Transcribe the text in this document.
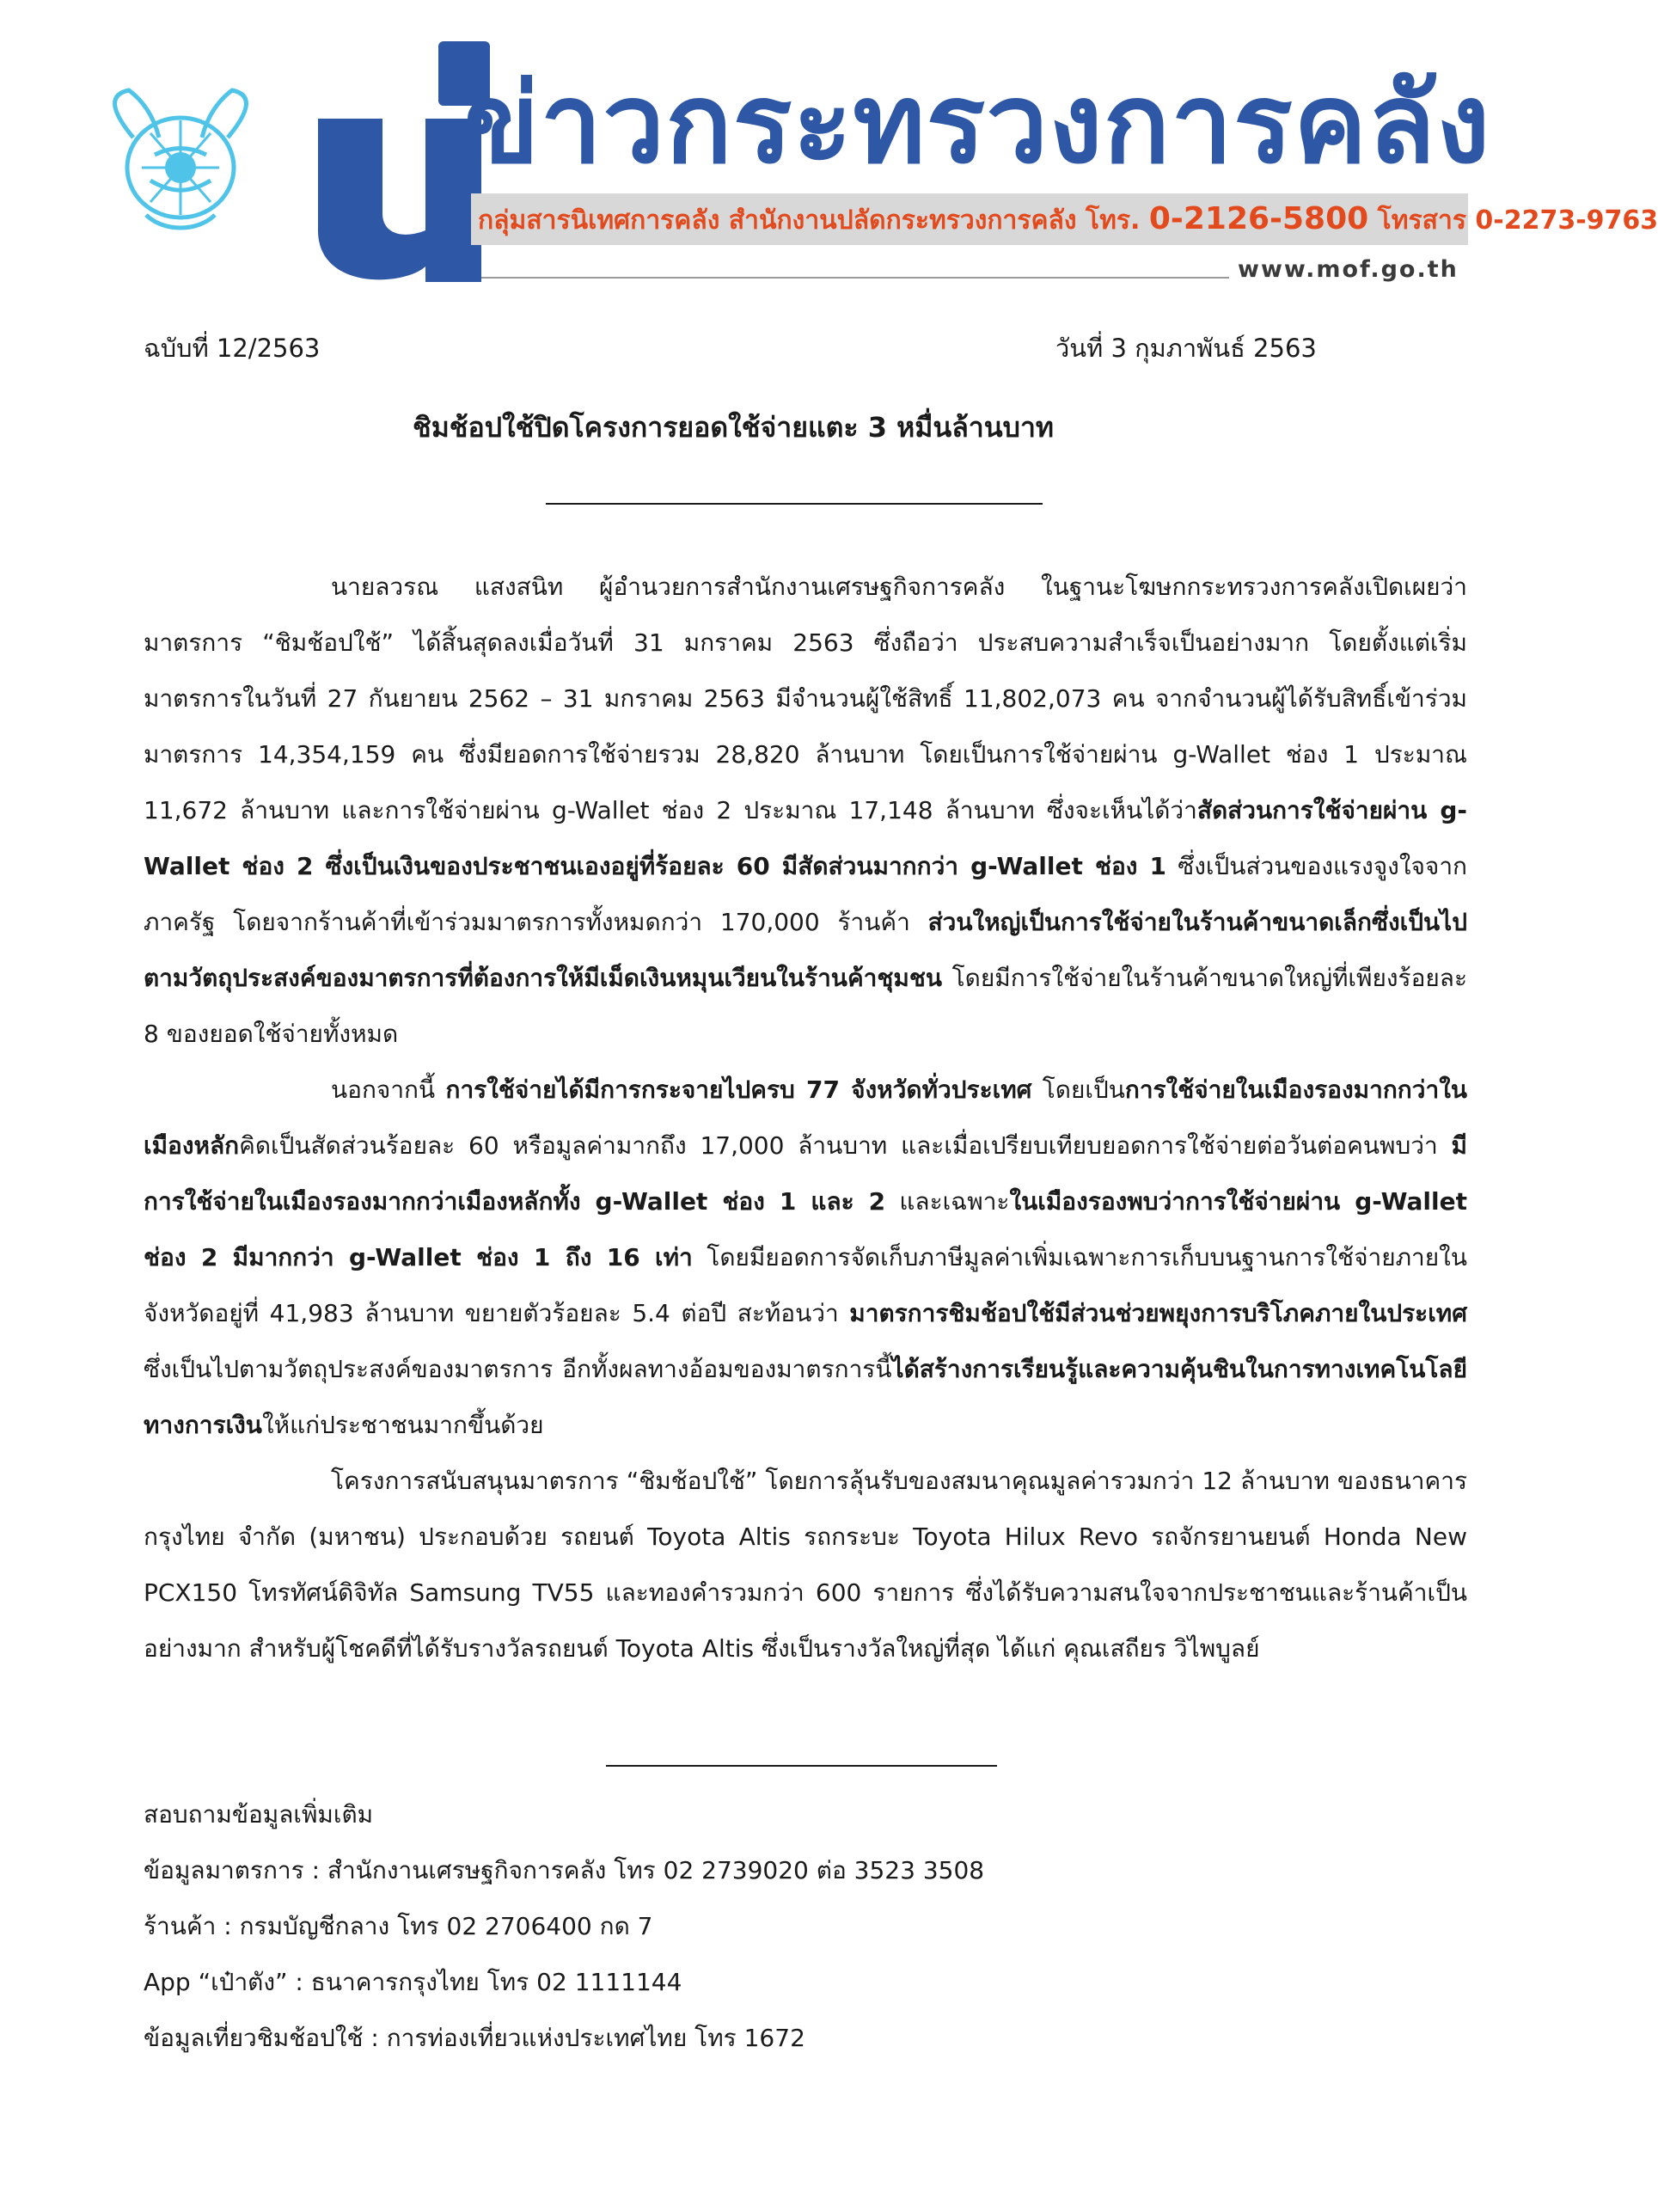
ข่าวกระทรวงการคลัง
กลุ่มสารนิเทศการคลัง สำนักงานปลัดกระทรวงการคลัง โทร. 0-2126-5800 โทรสาร 0-2273-9763
www.mof.go.th
ฉบับที่ 12/2563	วันที่ 3 กุมภาพันธ์ 2563
ชิมช้อปใช้ปิดโครงการยอดใช้จ่ายแตะ 3 หมื่นล้านบาท

นายลวรณ แสงสนิท ผู้อำนวยการสำนักงานเศรษฐกิจการคลัง ในฐานะโฆษกกระทรวงการคลังเปิดเผยว่า มาตรการ “ชิมช้อปใช้” ได้สิ้นสุดลงเมื่อวันที่ 31 มกราคม 2563 ซึ่งถือว่า ประสบความสำเร็จเป็นอย่างมาก โดยตั้งแต่เริ่มมาตรการในวันที่ 27 กันยายน 2562 – 31 มกราคม 2563 มีจำนวนผู้ใช้สิทธิ์ 11,802,073 คน จากจำนวนผู้ได้รับสิทธิ์เข้าร่วมมาตรการ 14,354,159 คน ซึ่งมียอดการใช้จ่ายรวม 28,820 ล้านบาท โดยเป็นการใช้จ่ายผ่าน g-Wallet ช่อง 1 ประมาณ 11,672 ล้านบาท และการใช้จ่ายผ่าน g-Wallet ช่อง 2 ประมาณ 17,148 ล้านบาท ซึ่งจะเห็นได้ว่าสัดส่วนการใช้จ่ายผ่าน g-Wallet ช่อง 2 ซึ่งเป็นเงินของประชาชนเองอยู่ที่ร้อยละ 60 มีสัดส่วนมากกว่า g-Wallet ช่อง 1 ซึ่งเป็นส่วนของแรงจูงใจจากภาครัฐ โดยจากร้านค้าที่เข้าร่วมมาตรการทั้งหมดกว่า 170,000 ร้านค้า ส่วนใหญ่เป็นการใช้จ่ายในร้านค้าขนาดเล็กซึ่งเป็นไปตามวัตถุประสงค์ของมาตรการที่ต้องการให้มีเม็ดเงินหมุนเวียนในร้านค้าชุมชน โดยมีการใช้จ่ายในร้านค้าขนาดใหญ่ที่เพียงร้อยละ 8 ของยอดใช้จ่ายทั้งหมด

นอกจากนี้ การใช้จ่ายได้มีการกระจายไปครบ 77 จังหวัดทั่วประเทศ โดยเป็นการใช้จ่ายในเมืองรองมากกว่าในเมืองหลักคิดเป็นสัดส่วนร้อยละ 60 หรือมูลค่ามากถึง 17,000 ล้านบาท และเมื่อเปรียบเทียบยอดการใช้จ่ายต่อวันต่อคนพบว่า มีการใช้จ่ายในเมืองรองมากกว่าเมืองหลักทั้ง g-Wallet ช่อง 1 และ 2 และเฉพาะในเมืองรองพบว่าการใช้จ่ายผ่าน g-Wallet ช่อง 2 มีมากกว่า g-Wallet ช่อง 1 ถึง 16 เท่า โดยมียอดการจัดเก็บภาษีมูลค่าเพิ่มเฉพาะการเก็บบนฐานการใช้จ่ายภายในจังหวัดอยู่ที่ 41,983 ล้านบาท ขยายตัวร้อยละ 5.4 ต่อปี สะท้อนว่า มาตรการชิมช้อปใช้มีส่วนช่วยพยุงการบริโภคภายในประเทศ ซึ่งเป็นไปตามวัตถุประสงค์ของมาตรการ อีกทั้งผลทางอ้อมของมาตรการนี้ได้สร้างการเรียนรู้และความคุ้นชินในการทางเทคโนโลยีทางการเงินให้แก่ประชาชนมากขึ้นด้วย

โครงการสนับสนุนมาตรการ “ชิมช้อปใช้” โดยการลุ้นรับของสมนาคุณมูลค่ารวมกว่า 12 ล้านบาท ของธนาคารกรุงไทย จำกัด (มหาชน) ประกอบด้วย รถยนต์ Toyota Altis รถกระบะ Toyota Hilux Revo รถจักรยานยนต์ Honda New PCX150 โทรทัศน์ดิจิทัล Samsung TV55 และทองคำรวมกว่า 600 รายการ ซึ่งได้รับความสนใจจากประชาชนและร้านค้าเป็นอย่างมาก สำหรับผู้โชคดีที่ได้รับรางวัลรถยนต์ Toyota Altis ซึ่งเป็นรางวัลใหญ่ที่สุด ได้แก่ คุณเสถียร วิไพบูลย์

สอบถามข้อมูลเพิ่มเติม
ข้อมูลมาตรการ : สำนักงานเศรษฐกิจการคลัง โทร 02 2739020 ต่อ 3523 3508
ร้านค้า : กรมบัญชีกลาง โทร 02 2706400 กด 7
App “เป๋าตัง” : ธนาคารกรุงไทย โทร 02 1111144
ข้อมูลเที่ยวชิมช้อปใช้ : การท่องเที่ยวแห่งประเทศไทย โทร 1672
